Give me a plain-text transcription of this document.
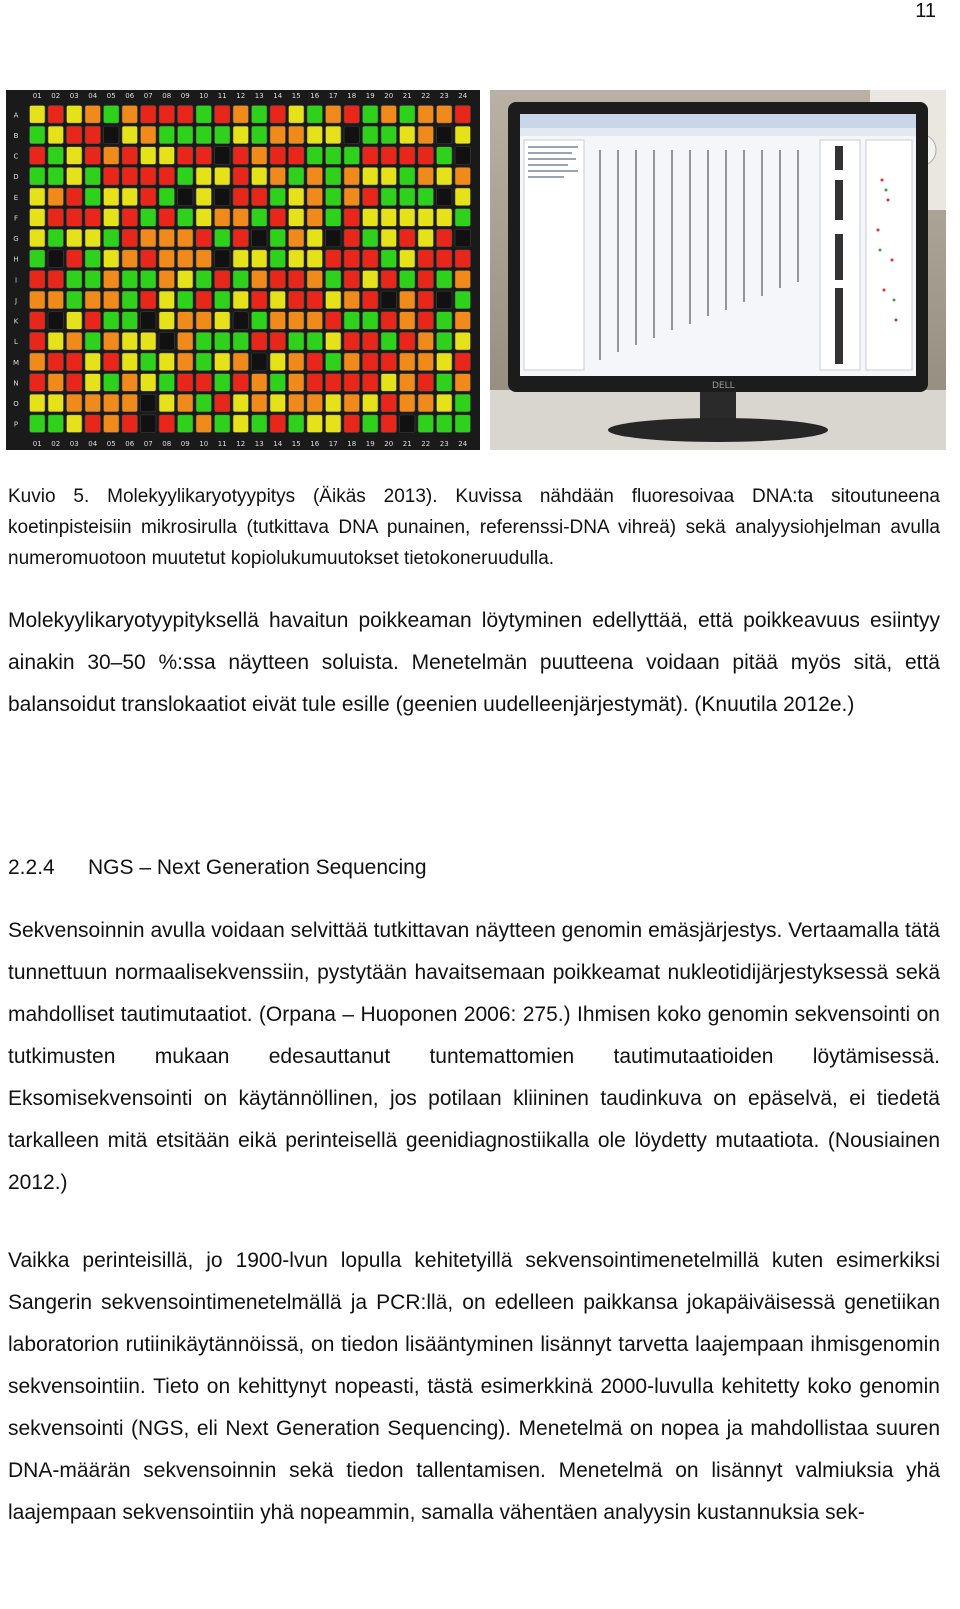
11
01
01
02
02
03
03
04
04
05
05
06
06
07
07
08
08
09
09
10
10
11
11
12
12
13
13
14
14
15
15
16
16
17
17
18
18
19
19
20
20
21
21
22
22
23
23
24
24
A
B
C
D
E
F
G
H
I
J
K
L
M
N
O
P
DELL

Kuvio 5. Molekyylikaryotyypitys (Äikäs 2013). Kuvissa nähdään fluoresoivaa DNA:ta sitoutuneena koetinpisteisiin mikrosirulla (tutkittava DNA punainen, referenssi-DNA vihreä) sekä analyysiohjelman avulla numeromuotoon muutetut kopiolukumuutokset tietokoneruudulla.

Molekyylikaryotyypityksellä havaitun poikkeaman löytyminen edellyttää, että poikkeavuus esiintyy ainakin 30–50 %:ssa näytteen soluista. Menetelmän puutteena voidaan pitää myös sitä, että balansoidut translokaatiot eivät tule esille (geenien uudelleenjärjestymät). (Knuutila 2012e.)

2.2.4 NGS – Next Generation Sequencing

Sekvensoinnin avulla voidaan selvittää tutkittavan näytteen genomin emäsjärjestys. Vertaamalla tätä tunnettuun normaalisekvenssiin, pystytään havaitsemaan poikkeamat nukleotidijärjestyksessä sekä mahdolliset tautimutaatiot. (Orpana – Huoponen 2006: 275.) Ihmisen koko genomin sekvensointi on tutkimusten mukaan edesauttanut tuntemattomien tautimutaatioiden löytämisessä. Eksomisekvensointi on käytännöllinen, jos potilaan kliininen taudinkuva on epäselvä, ei tiedetä tarkalleen mitä etsitään eikä perinteisellä geenidiagnostiikalla ole löydetty mutaatiota. (Nousiainen 2012.)

Vaikka perinteisillä, jo 1900-lvun lopulla kehitetyillä sekvensointimenetelmillä kuten esimerkiksi Sangerin sekvensointimenetelmällä ja PCR:llä, on edelleen paikkansa jokapäiväisessä genetiikan laboratorion rutiinikäytännöissä, on tiedon lisääntyminen lisännyt tarvetta laajempaan ihmisgenomin sekvensointiin. Tieto on kehittynyt nopeasti, tästä esimerkkinä 2000-luvulla kehitetty koko genomin sekvensointi (NGS, eli Next Generation Sequencing). Menetelmä on nopea ja mahdollistaa suuren DNA-määrän sekvensoinnin sekä tiedon tallentamisen. Menetelmä on lisännyt valmiuksia yhä laajempaan sekvensointiin yhä nopeammin, samalla vähentäen analyysin kustannuksia sek-
